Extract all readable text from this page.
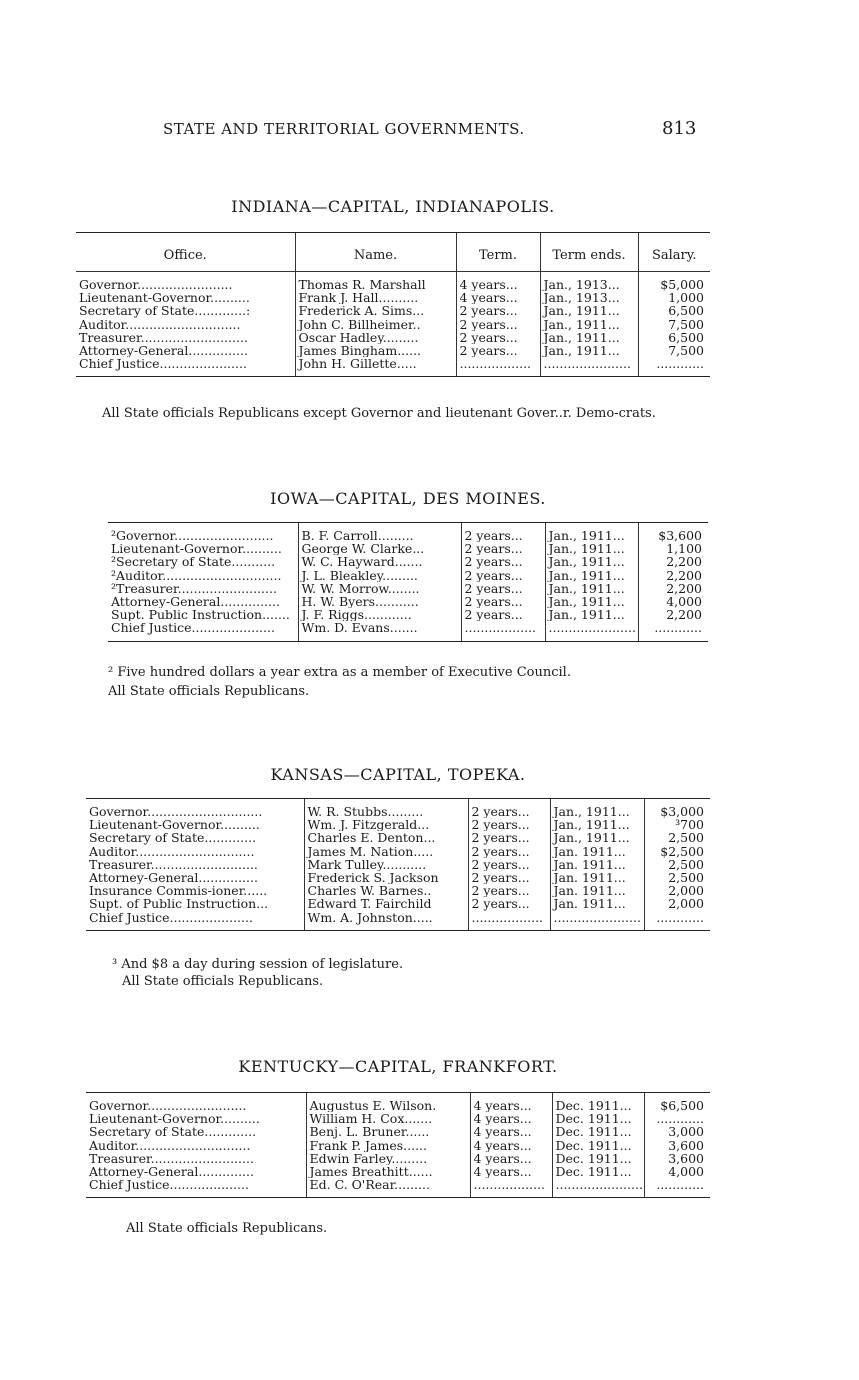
STATE AND TERRITORIAL GOVERNMENTS.	813
INDIANA—CAPITAL, INDIANAPOLIS.
Office.	Name.	Term.	Term ends.	Salary.
Governor........................	Thomas R. Marshall	4 years...	Jan., 1913...	$5,000
Lieutenant-Governor..........	Frank J. Hall..........	4 years...	Jan., 1913...	1,000
Secretary of State.............:	Frederick A. Sims...	2 years...	Jan., 1911...	6,500
Auditor.............................	John C. Billheimer..	2 years...	Jan., 1911...	7,500
Treasurer...........................	Oscar Hadley.........	2 years...	Jan., 1911...	6,500
Attorney-General...............	James Bingham......	2 years...	Jan., 1911...	7,500
Chief Justice......................	John H. Gillette.....	..................	......................	............
All State officials Republicans except Governor and lieutenant Gover..r. Demo-crats.
IOWA—CAPITAL, DES MOINES.
²Governor.........................	B. F. Carroll.........	2 years...	Jan., 1911...	$3,600
Lieutenant-Governor..........	George W. Clarke...	2 years...	Jan., 1911...	1,100
²Secretary of State...........	W. C. Hayward.......	2 years...	Jan., 1911...	2,200
²Auditor..............................	J. L. Bleakley.........	2 years...	Jan., 1911...	2,200
²Treasurer.........................	W. W. Morrow........	2 years...	Jan., 1911...	2,200
Attorney-General...............	H. W. Byers...........	2 years...	Jan., 1911...	4,000
Supt. Public Instruction.......	J. F. Riggs............	2 years...	Jan., 1911...	2,200
Chief Justice.....................	Wm. D. Evans.......	..................	......................	............
² Five hundred dollars a year extra as a member of Executive Council.
All State officials Republicans.
KANSAS—CAPITAL, TOPEKA.
Governor.............................	W. R. Stubbs.........	2 years...	Jan., 1911...	$3,000
Lieutenant-Governor..........	Wm. J. Fitzgerald...	2 years...	Jan., 1911...	³700
Secretary of State.............	Charles E. Denton...	2 years...	Jan., 1911...	2,500
Auditor..............................	James M. Nation.....	2 years...	Jan. 1911...	$2,500
Treasurer...........................	Mark Tulley...........	2 years...	Jan. 1911...	2,500
Attorney-General...............	Frederick S. Jackson	2 years...	Jan. 1911...	2,500
Insurance Commis-ioner......	Charles W. Barnes..	2 years...	Jan. 1911...	2,000
Supt. of Public Instruction...	Edward T. Fairchild	2 years...	Jan. 1911...	2,000
Chief Justice.....................	Wm. A. Johnston.....	..................	......................	............
³ And $8 a day during session of legislature.
All State officials Republicans.
KENTUCKY—CAPITAL, FRANKFORT.
Governor.........................	Augustus E. Wilson.	4 years...	Dec. 1911...	$6,500
Lieutenant-Governor..........	William H. Cox.......	4 years...	Dec. 1911...	............
Secretary of State.............	Benj. L. Bruner......	4 years...	Dec. 1911...	3,000
Auditor.............................	Frank P. James......	4 years...	Dec. 1911...	3,600
Treasurer..........................	Edwin Farley.........	4 years...	Dec. 1911...	3,600
Attorney-General..............	James Breathitt......	4 years...	Dec. 1911...	4,000
Chief Justice....................	Ed. C. O'Rear.........	..................	......................	............
All State officials Republicans.
